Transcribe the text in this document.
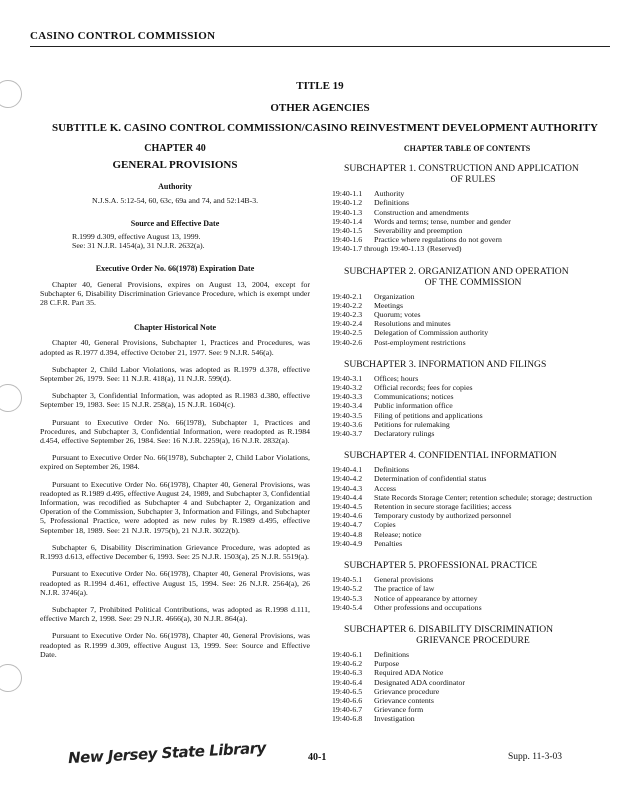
CASINO CONTROL COMMISSION
TITLE 19
OTHER AGENCIES
SUBTITLE K. CASINO CONTROL COMMISSION/CASINO REINVESTMENT DEVELOPMENT AUTHORITY

CHAPTER 40

GENERAL PROVISIONS

Authority

N.J.S.A. 5:12-54, 60, 63c, 69a and 74, and 52:14B-3.

Source and Effective Date

R.1999 d.309, effective August 13, 1999.

See: 31 N.J.R. 1454(a), 31 N.J.R. 2632(a).

Executive Order No. 66(1978) Expiration Date

Chapter 40, General Provisions, expires on August 13, 2004, except for Subchapter 6, Disability Discrimination Grievance Procedure, which is exempt under 28 C.F.R. Part 35.

Chapter Historical Note

Chapter 40, General Provisions, Subchapter 1, Practices and Procedures, was adopted as R.1977 d.394, effective October 21, 1977. See: 9 N.J.R. 546(a).

Subchapter 2, Child Labor Violations, was adopted as R.1979 d.378, effective September 26, 1979. See: 11 N.J.R. 418(a), 11 N.J.R. 599(d).

Subchapter 3, Confidential Information, was adopted as R.1983 d.380, effective September 19, 1983. See: 15 N.J.R. 258(a), 15 N.J.R. 1604(c).

Pursuant to Executive Order No. 66(1978), Subchapter 1, Practices and Procedures, and Subchapter 3, Confidential Information, were readopted as R.1984 d.454, effective September 26, 1984. See: 16 N.J.R. 2259(a), 16 N.J.R. 2832(a).

Pursuant to Executive Order No. 66(1978), Subchapter 2, Child Labor Violations, expired on September 26, 1984.

Pursuant to Executive Order No. 66(1978), Chapter 40, General Provisions, was readopted as R.1989 d.495, effective August 24, 1989, and Subchapter 3, Confidential Information, was recodified as Subchapter 4 and Subchapter 2, Organization and Operation of the Commission, Subchapter 3, Information and Filings, and Subchapter 5, Professional Practice, were adopted as new rules by R.1989 d.495, effective September 18, 1989. See: 21 N.J.R. 1975(b), 21 N.J.R. 3022(b).

Subchapter 6, Disability Discrimination Grievance Procedure, was adopted as R.1993 d.613, effective December 6, 1993. See: 25 N.J.R. 1503(a), 25 N.J.R. 5519(a).

Pursuant to Executive Order No. 66(1978), Chapter 40, General Provisions, was readopted as R.1994 d.461, effective August 15, 1994. See: 26 N.J.R. 2564(a), 26 N.J.R. 3746(a).

Subchapter 7, Prohibited Political Contributions, was adopted as R.1998 d.111, effective March 2, 1998. See: 29 N.J.R. 4666(a), 30 N.J.R. 864(a).

Pursuant to Executive Order No. 66(1978), Chapter 40, General Provisions, was readopted as R.1999 d.309, effective August 13, 1999. See: Source and Effective Date.

CHAPTER TABLE OF CONTENTS

SUBCHAPTER 1. CONSTRUCTION AND APPLICATION

OF RULES

19:40-1.1	Authority
19:40-1.2	Definitions
19:40-1.3	Construction and amendments
19:40-1.4	Words and terms; tense, number and gender
19:40-1.5	Severability and preemption
19:40-1.6	Practice where regulations do not govern
19:40-1.7 through 19:40-1.13 (Reserved)

SUBCHAPTER 2. ORGANIZATION AND OPERATION

OF THE COMMISSION

19:40-2.1	Organization
19:40-2.2	Meetings
19:40-2.3	Quorum; votes
19:40-2.4	Resolutions and minutes
19:40-2.5	Delegation of Commission authority
19:40-2.6	Post-employment restrictions

SUBCHAPTER 3. INFORMATION AND FILINGS

19:40-3.1	Offices; hours
19:40-3.2	Official records; fees for copies
19:40-3.3	Communications; notices
19:40-3.4	Public information office
19:40-3.5	Filing of petitions and applications
19:40-3.6	Petitions for rulemaking
19:40-3.7	Declaratory rulings

SUBCHAPTER 4. CONFIDENTIAL INFORMATION

19:40-4.1	Definitions
19:40-4.2	Determination of confidential status
19:40-4.3	Access
19:40-4.4	State Records Storage Center; retention schedule; storage; destruction
19:40-4.5	Retention in secure storage facilities; access
19:40-4.6	Temporary custody by authorized personnel
19:40-4.7	Copies
19:40-4.8	Release; notice
19:40-4.9	Penalties

SUBCHAPTER 5. PROFESSIONAL PRACTICE

19:40-5.1	General provisions
19:40-5.2	The practice of law
19:40-5.3	Notice of appearance by attorney
19:40-5.4	Other professions and occupations

SUBCHAPTER 6. DISABILITY DISCRIMINATION

GRIEVANCE PROCEDURE

19:40-6.1	Definitions
19:40-6.2	Purpose
19:40-6.3	Required ADA Notice
19:40-6.4	Designated ADA coordinator
19:40-6.5	Grievance procedure
19:40-6.6	Grievance contents
19:40-6.7	Grievance form
19:40-6.8	Investigation
New Jersey State Library	40-1	Supp. 11-3-03
